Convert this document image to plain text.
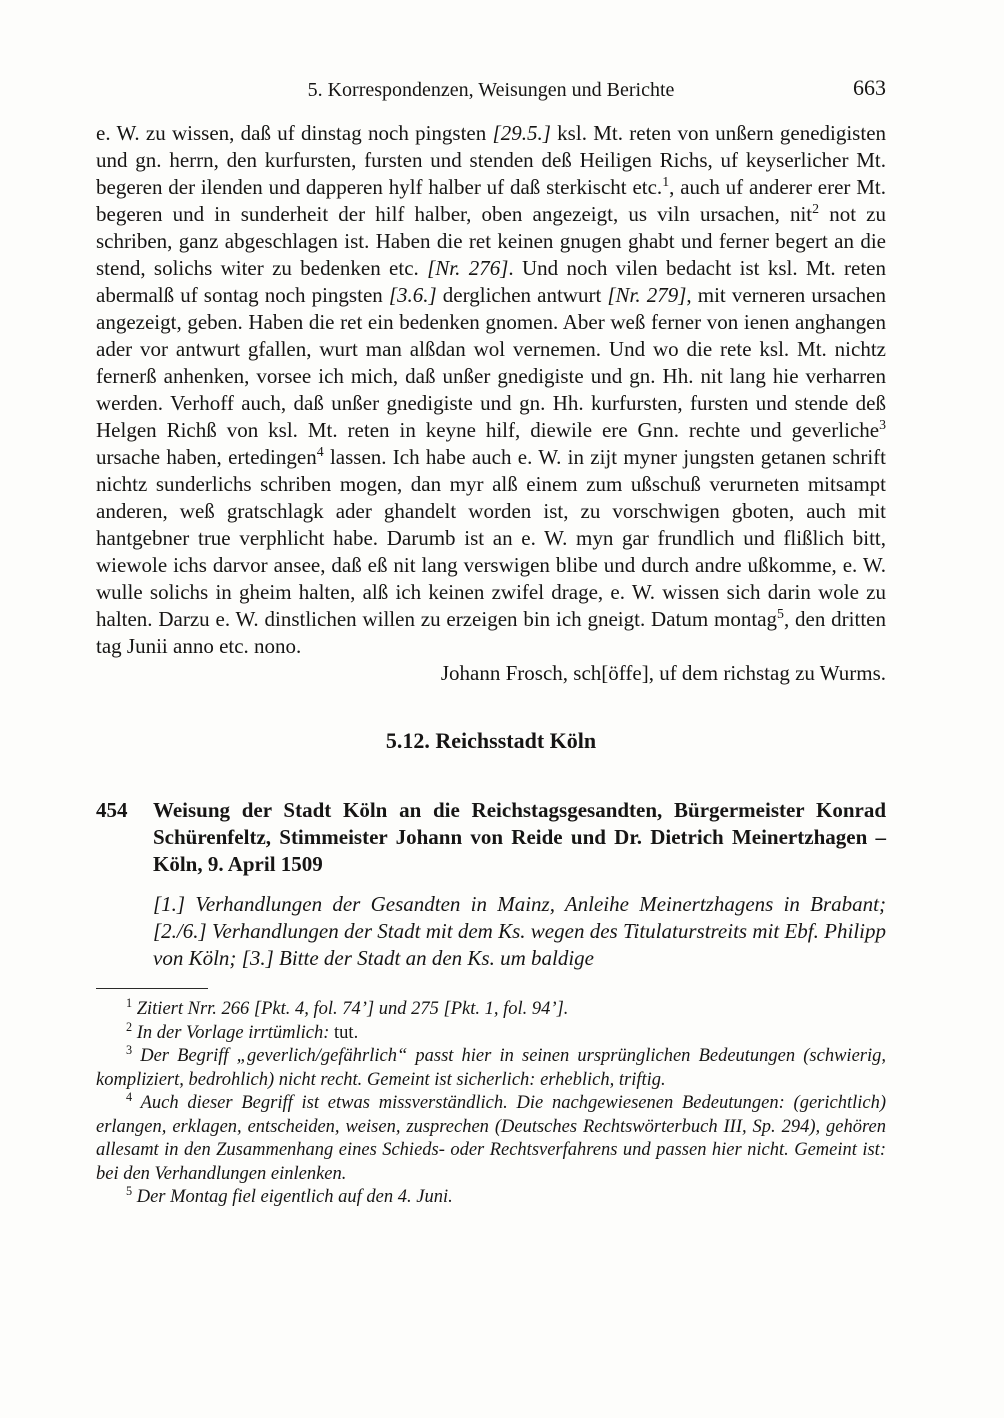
5. Korrespondenzen, Weisungen und Berichte	663

e. W. zu wissen, daß uf dinstag noch pingsten [29.5.] ksl. Mt. reten von unßern genedigisten und gn. herrn, den kurfursten, fursten und stenden deß Heiligen Richs, uf keyserlicher Mt. begeren der ilenden und dapperen hylf halber uf daß sterkischt etc.$^1$, auch uf anderer erer Mt. begeren und in sunderheit der hilf halber, oben angezeigt, us viln ursachen, nit$^2$ not zu schriben, ganz abgeschlagen ist. Haben die ret keinen gnugen ghabt und ferner begert an die stend, solichs witer zu bedenken etc. [Nr. 276]. Und noch vilen bedacht ist ksl. Mt. reten abermalß uf sontag noch pingsten [3.6.] derglichen antwurt [Nr. 279], mit verneren ursachen angezeigt, geben. Haben die ret ein bedenken gnomen. Aber weß ferner von ienen anghangen ader vor antwurt gfallen, wurt man alßdan wol vernemen. Und wo die rete ksl. Mt. nichtz fernerß anhenken, vorsee ich mich, daß unßer gnedigiste und gn. Hh. nit lang hie verharren werden. Verhoff auch, daß unßer gnedigiste und gn. Hh. kurfursten, fursten und stende deß Helgen Richß von ksl. Mt. reten in keyne hilf, diewile ere Gnn. rechte und geverliche$^3$ ursache haben, ertedingen$^4$ lassen. Ich habe auch e. W. in zijt myner jungsten getanen schrift nichtz sunderlichs schriben mogen, dan myr alß einem zum ußschuß verurneten mitsampt anderen, weß gratschlagk ader ghandelt worden ist, zu vorschwigen gboten, auch mit hantgebner true verphlicht habe. Darumb ist an e. W. myn gar frundlich und flißlich bitt, wiewole ichs darvor ansee, daß eß nit lang verswigen blibe und durch andre ußkomme, e. W. wulle solichs in gheim halten, alß ich keinen zwifel drage, e. W. wissen sich darin wole zu halten. Darzu e. W. dinstlichen willen zu erzeigen bin ich gneigt. Datum montag$^5$, den dritten tag Junii anno etc. nono.

Johann Frosch, sch[öffe], uf dem richstag zu Wurms.

5.12. Reichsstadt Köln
454	Weisung der Stadt Köln an die Reichstagsgesandten, Bürgermeister Konrad Schürenfeltz, Stimmeister Johann von Reide und Dr. Dietrich Meinertzhagen – Köln, 9. April 1509

[1.] Verhandlungen der Gesandten in Mainz, Anleihe Meinertzhagens in Brabant; [2./6.] Verhandlungen der Stadt mit dem Ks. wegen des Titulaturstreits mit Ebf. Philipp von Köln; [3.] Bitte der Stadt an den Ks. um baldige

$^1$ Zitiert Nrr. 266 [Pkt. 4, fol. 74’] und 275 [Pkt. 1, fol. 94’].

$^2$ In der Vorlage irrtümlich: tut.

$^3$ Der Begriff „geverlich/gefährlich“ passt hier in seinen ursprünglichen Bedeutungen (schwierig, kompliziert, bedrohlich) nicht recht. Gemeint ist sicherlich: erheblich, triftig.

$^4$ Auch dieser Begriff ist etwas missverständlich. Die nachgewiesenen Bedeutungen: (gerichtlich) erlangen, erklagen, entscheiden, weisen, zusprechen (Deutsches Rechtswörterbuch III, Sp. 294), gehören allesamt in den Zusammenhang eines Schieds- oder Rechtsverfahrens und passen hier nicht. Gemeint ist: bei den Verhandlungen einlenken.

$^5$ Der Montag fiel eigentlich auf den 4. Juni.
